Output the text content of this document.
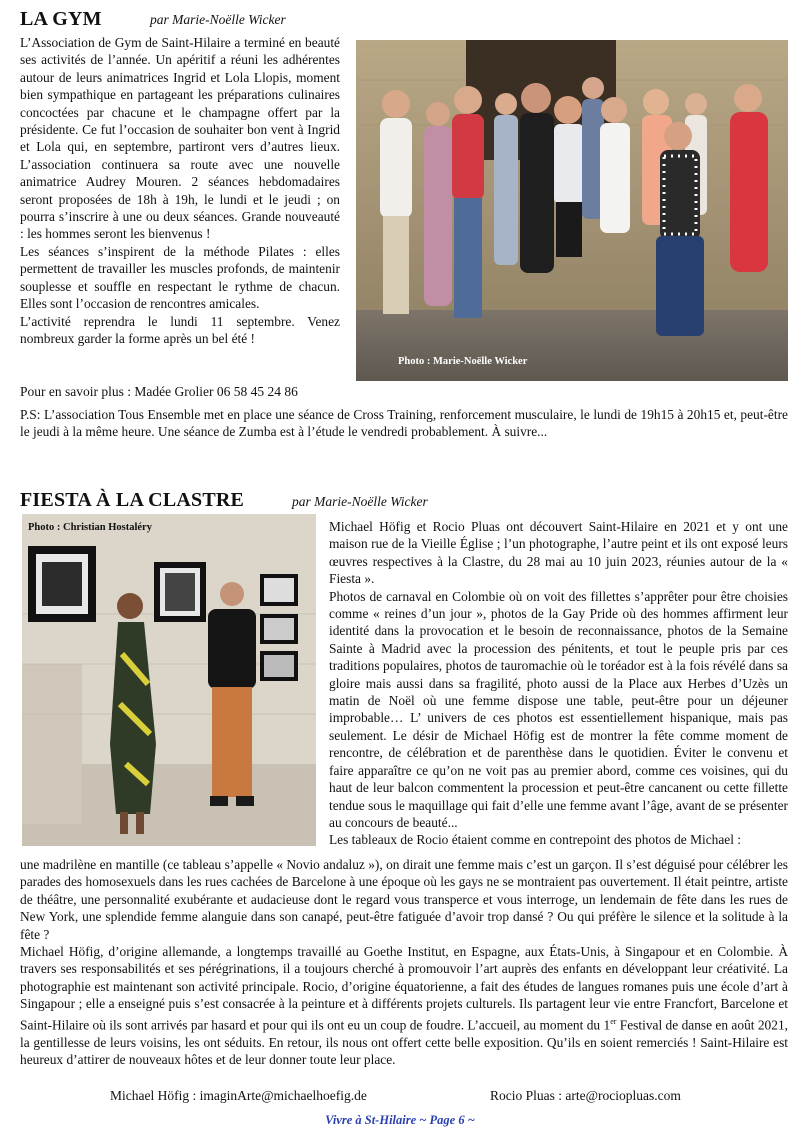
LA GYM	par Marie-Noëlle Wicker

L’Association de Gym de Saint-Hilaire a terminé en beauté ses activités de l’année. Un apéritif a réuni les adhérentes autour de leurs animatrices Ingrid et Lola Llopis, moment bien sympathique en partageant les préparations culinaires concoctées par chacune et le champagne offert par la présidente. Ce fut l’occasion de souhaiter bon vent à Ingrid et Lola qui, en septembre, partiront vers d’autres lieux. L’association continuera sa route avec une nouvelle animatrice Audrey Mouren. 2 séances hebdomadaires seront proposées de 18h à 19h, le lundi et le jeudi ; on pourra s’inscrire à une ou deux séances. Grande nouveauté : les hommes seront les bienvenus !

Les séances s’inspirent de la méthode Pilates : elles permettent de travailler les muscles profonds, de maintenir souplesse et souffle en respectant le rythme de chacun. Elles sont l’occasion de rencontres amicales.

L’activité reprendra le lundi 11 septembre. Venez nombreux garder la forme après un bel été !

Pour en savoir plus : Madée Grolier 06 58 45 24 86
Photo : Marie-Noëlle Wicker

P.S: L’association Tous Ensemble met en place une séance de Cross Training, renforcement musculaire, le lundi de 19h15 à 20h15 et, peut-être le jeudi à la même heure. Une séance de Zumba est à l’étude le vendredi probablement. À suivre...

FIESTA À LA CLASTRE	par Marie-Noëlle Wicker
Photo : Christian Hostaléry	Michael Höfig et Rocio Pluas ont découvert Saint-Hilaire en 2021 et y ont une maison rue de la Vieille Église ; l’un photographe, l’autre peint et ils ont exposé leurs œuvres respectives à la Clastre, du 28 mai au 10 juin 2023, réunies autour de la « Fiesta ».

Photos de carnaval en Colombie où on voit des fillettes s’apprêter pour être choisies comme « reines d’un jour », photos de la Gay Pride où des hommes affirment leur identité dans la provocation et le besoin de reconnaissance, photos de la Semaine Sainte à Madrid avec la procession des pénitents, et tout le peuple pris par ces traditions populaires, photos de tauromachie où le toréador est à la fois révélé dans sa gloire mais aussi dans sa fragilité, photo aussi de la Place aux Herbes d’Uzès un matin de Noël où une femme dispose une table, peut-être pour un déjeuner improbable… L’ univers de ces photos est essentiellement hispanique, mais pas seulement. Le désir de Michael Höfig est de montrer la fête comme moment de rencontre, de célébration et de parenthèse dans le quotidien. Éviter le convenu et faire apparaître ce qu’on ne voit pas au premier abord, comme ces voisines, qui du haut de leur balcon commentent la procession et peut-être cancanent ou cette fillette tendue sous le maquillage qui fait d’elle une femme avant l’âge, avant de se présenter au concours de beauté...

Les tableaux de Rocio étaient comme en contrepoint des photos de Michael :

une madrilène en mantille (ce tableau s’appelle « Novio andaluz »), on dirait une femme mais c’est un garçon. Il s’est déguisé pour célébrer les parades des homosexuels dans les rues cachées de Barcelone à une époque où les gays ne se montraient pas ouvertement. Il était peintre, artiste de théâtre, une personnalité exubérante et audacieuse dont le regard vous transperce et vous interroge, un lendemain de fête dans les rues de New York, une splendide femme alanguie dans son canapé, peut-être fatiguée d’avoir trop dansé ? Ou qui préfère le silence et la solitude à la fête ?

Michael Höfig, d’origine allemande, a longtemps travaillé au Goethe Institut, en Espagne, aux États-Unis, à Singapour et en Colombie. À travers ses responsabilités et ses pérégrinations, il a toujours cherché à promouvoir l’art auprès des enfants en développant leur créativité. La photographie est maintenant son activité principale. Rocio, d’origine équatorienne, a fait des études de langues romanes puis une école d’art à Singapour ; elle a enseigné puis s’est consacrée à la peinture et à différents projets culturels. Ils partagent leur vie entre Francfort, Barcelone et Saint-Hilaire où ils sont arrivés par hasard et pour qui ils ont eu un coup de foudre. L’accueil, au moment du 1er Festival de danse en août 2021, la gentillesse de leurs voisins, les ont séduits. En retour, ils nous ont offert cette belle exposition. Qu’ils en soient remerciés ! Saint-Hilaire est heureux d’attirer de nouveaux hôtes et de leur donner toute leur place.

Michael Höfig : imaginArte@michaelhoefig.de	Rocio Pluas : arte@rociopluas.com
Vivre à St-Hilaire ~ Page 6 ~
